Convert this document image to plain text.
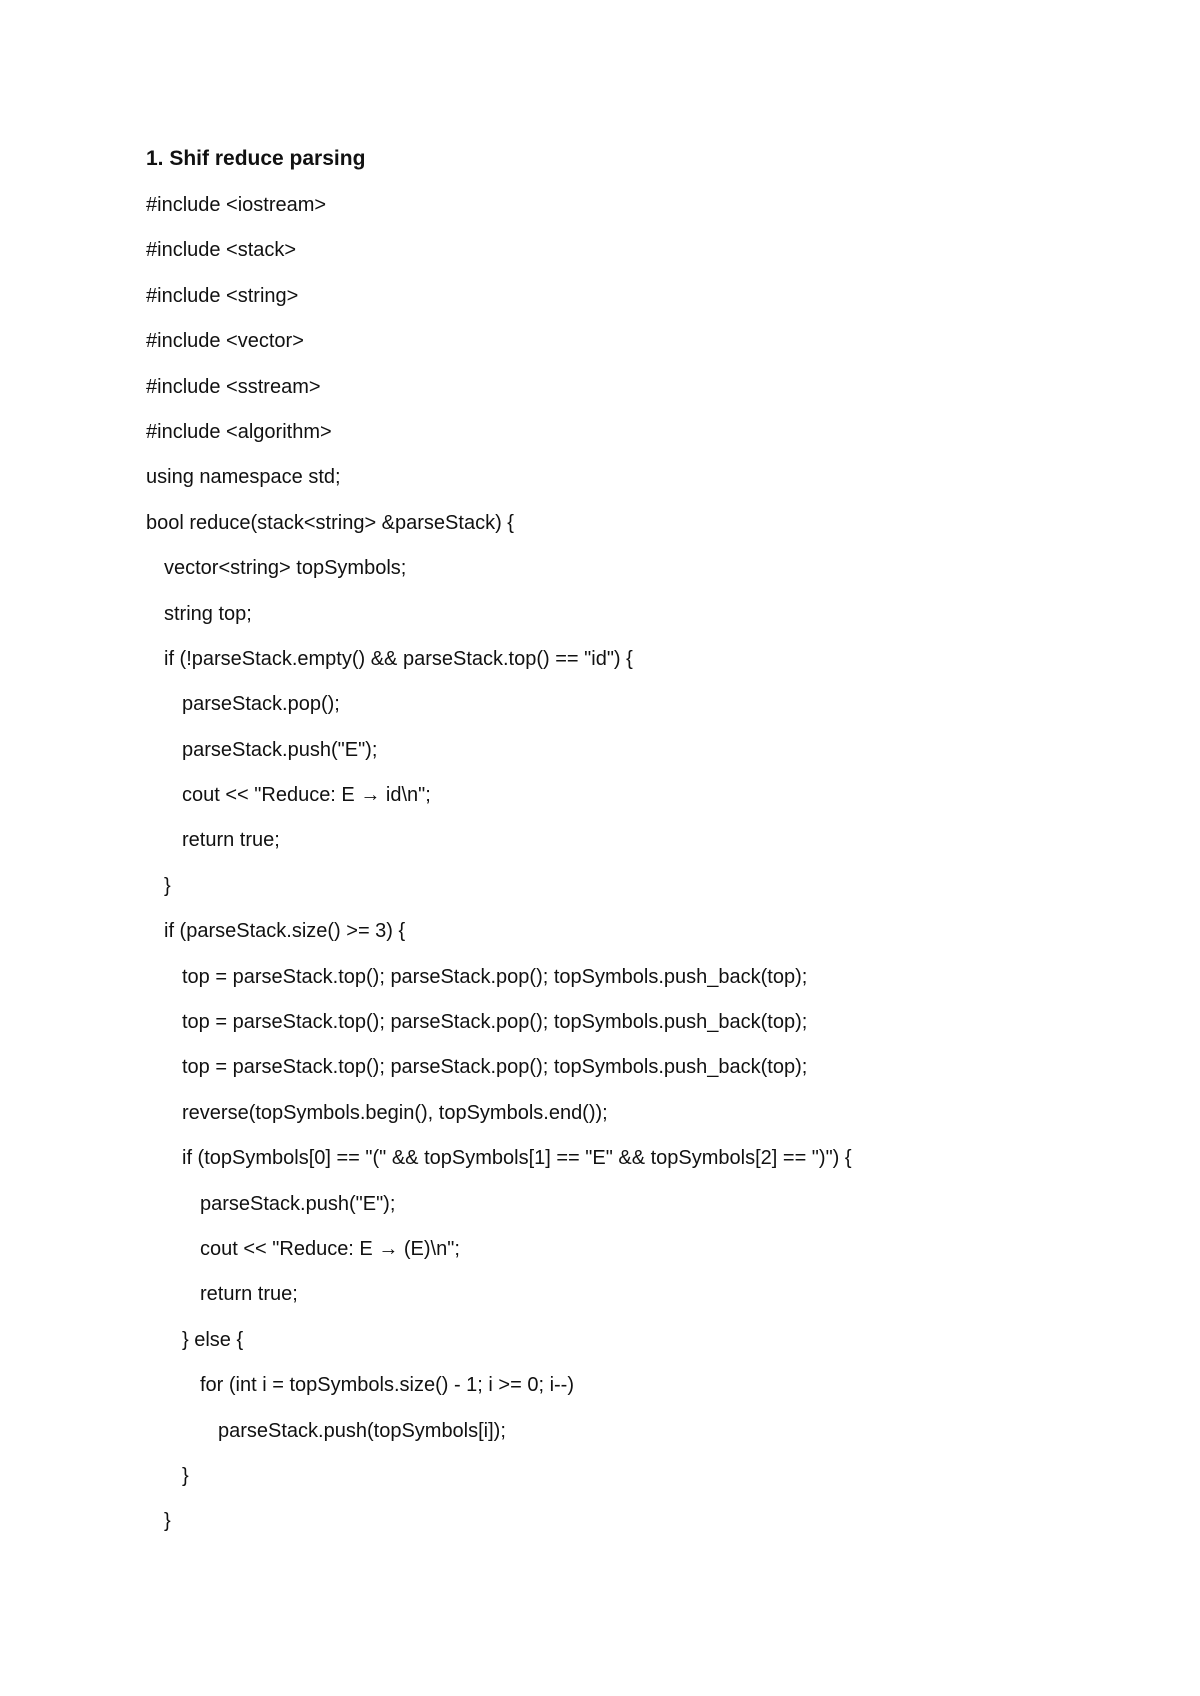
1. Shif reduce parsing
#include <iostream>
#include <stack>
#include <string>
#include <vector>
#include <sstream>
#include <algorithm>
using namespace std;
bool reduce(stack<string> &parseStack) {
vector<string> topSymbols;
string top;
if (!parseStack.empty() && parseStack.top() == "id") {
parseStack.pop();
parseStack.push("E");
cout << "Reduce: E → id\n";
return true;
}
if (parseStack.size() >= 3) {
top = parseStack.top(); parseStack.pop(); topSymbols.push_back(top);
top = parseStack.top(); parseStack.pop(); topSymbols.push_back(top);
top = parseStack.top(); parseStack.pop(); topSymbols.push_back(top);
reverse(topSymbols.begin(), topSymbols.end());
if (topSymbols[0] == "(" && topSymbols[1] == "E" && topSymbols[2] == ")") {
parseStack.push("E");
cout << "Reduce: E → (E)\n";
return true;
} else {
for (int i = topSymbols.size() - 1; i >= 0; i--)
parseStack.push(topSymbols[i]);
}
}
